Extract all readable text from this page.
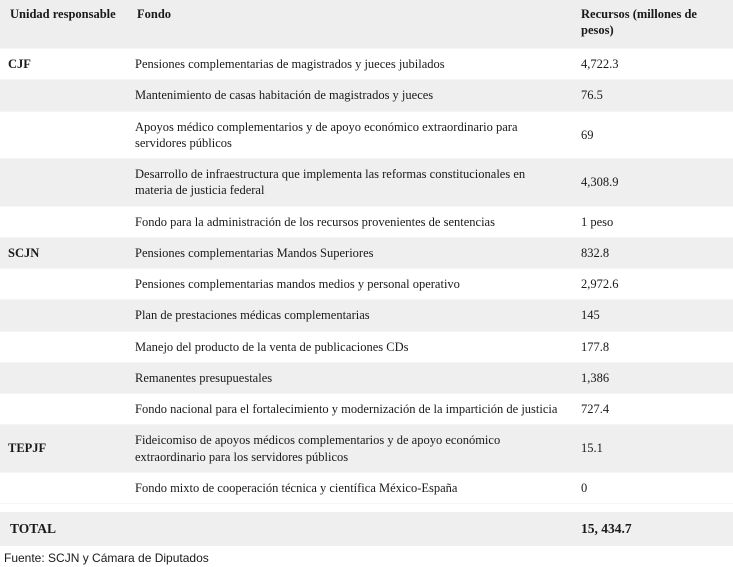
Unidad responsable	Fondo	Recursos (millones de pesos)
CJF	Pensiones complementarias de magistrados y jueces jubilados	4,722.3
	Mantenimiento de casas habitación de magistrados y jueces	76.5
	Apoyos médico complementarios y de apoyo económico extraordinario para servidores públicos	69
	Desarrollo de infraestructura que implementa las reformas constitucionales en materia de justicia federal	4,308.9
	Fondo para la administración de los recursos provenientes de sentencias	1 peso
SCJN	Pensiones complementarias Mandos Superiores	832.8
	Pensiones complementarias mandos medios y personal operativo	2,972.6
	Plan de prestaciones médicas complementarias	145
	Manejo del producto de la venta de publicaciones CDs	177.8
	Remanentes presupuestales	1,386
	Fondo nacional para el fortalecimiento y modernización de la impartición de justicia	727.4
TEPJF	Fideicomiso de apoyos médicos complementarios y de apoyo económico extraordinario para los servidores públicos	15.1
	Fondo mixto de cooperación técnica y científica México-España	0

TOTAL		15, 434.7
Fuente: SCJN y Cámara de Diputados
